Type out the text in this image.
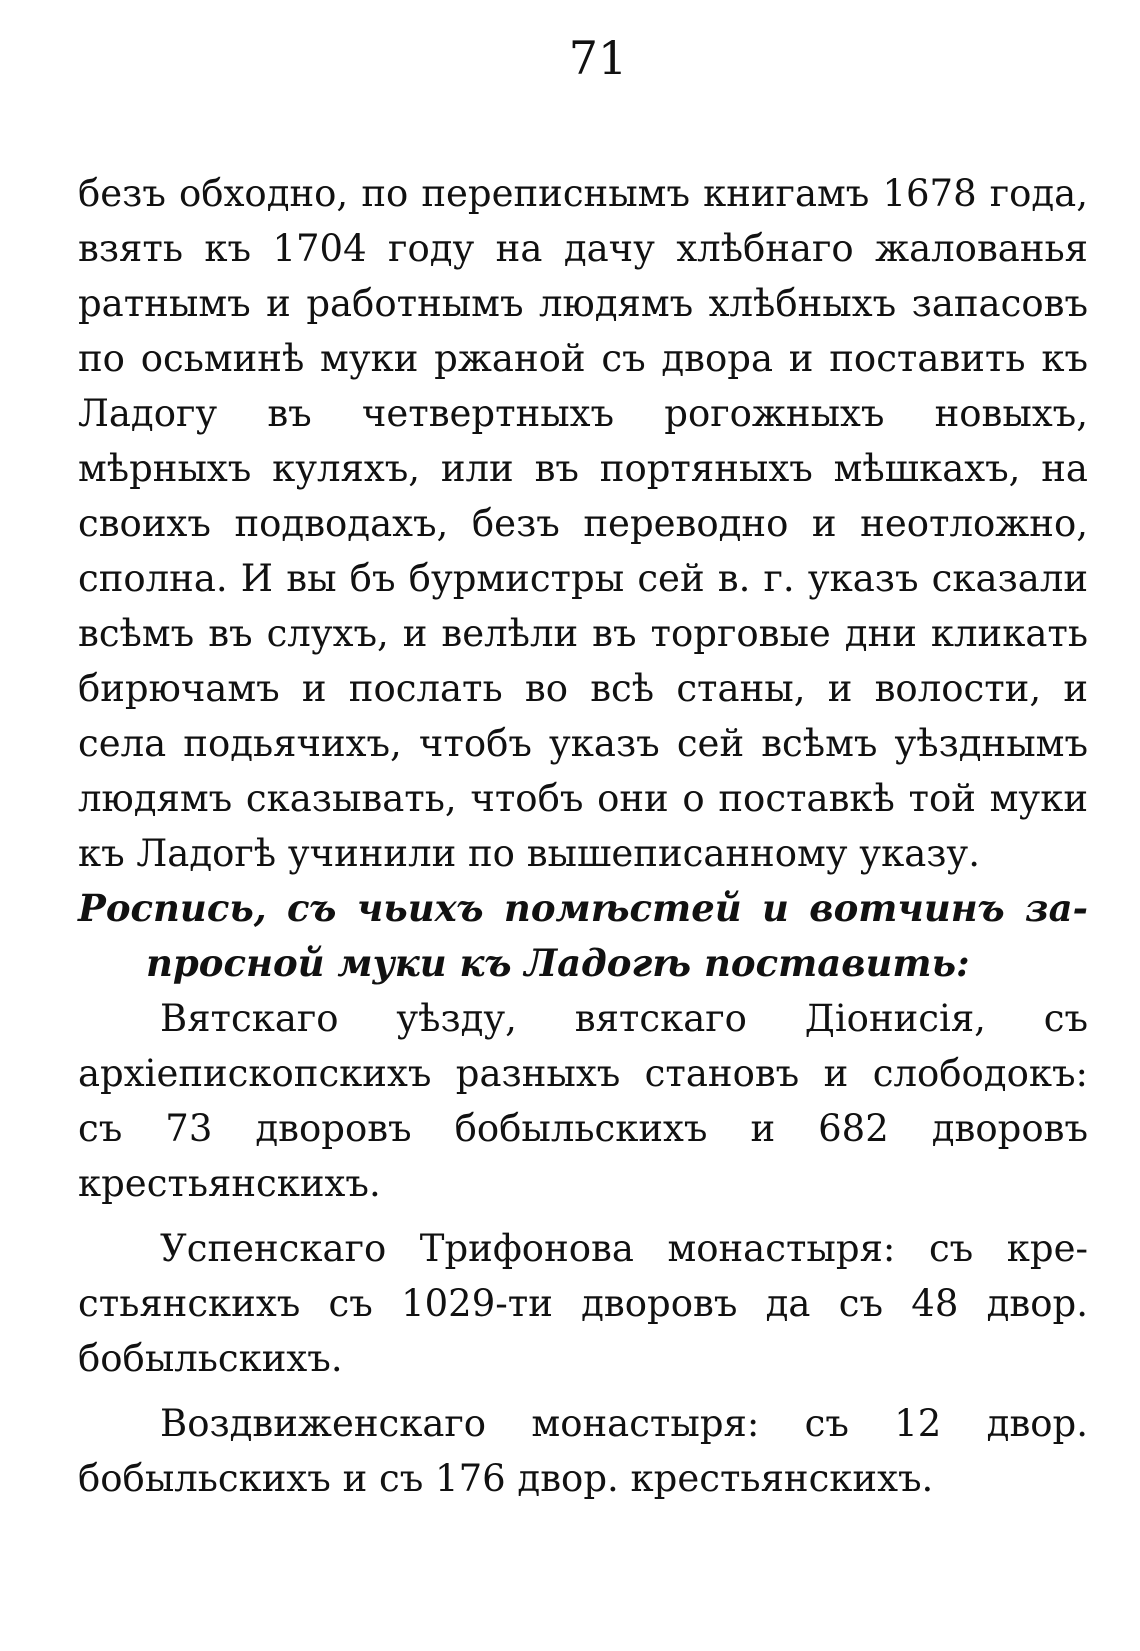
71

безъ обходно, по переписнымъ книгамъ 1678 года, взять къ 1704 году на дачу хлѣбнаго жалованья ратнымъ и работнымъ людямъ хлѣбныхъ запасовъ по осьминѣ муки ржаной съ двора и поставить къ Ладогу въ четвертныхъ рогожныхъ новыхъ, мѣрныхъ куляхъ, или въ портяныхъ мѣшкахъ, на своихъ подводахъ, безъ переводно и неотложно, сполна. И вы бъ бурмистры сей в. г. указъ сказали всѣмъ въ слухъ, и велѣли въ торговые дни кликать бирючамъ и послать во всѣ станы, и волости, и села подьячихъ, чтобъ указъ сей всѣмъ уѣзднымъ людямъ сказывать, чтобъ они о поставкѣ той муки къ Ладогѣ учинили по вышеписанному указу.

Роспись, съ чьихъ помѣстей и вотчинъ запросной муки къ Ладогѣ поставить:

Вятскаго уѣзду, вятскаго Діонисія, съ архіепископскихъ разныхъ становъ и слободокъ: съ 73 дворовъ бобыльскихъ и 682 дворовъ крестьянскихъ.

Успенскаго Трифонова монастыря: съ крестьянскихъ съ 1029-ти дворовъ да съ 48 двор. бобыльскихъ.

Воздвиженскаго монастыря: съ 12 двор. бобыльскихъ и съ 176 двор. крестьянскихъ.
